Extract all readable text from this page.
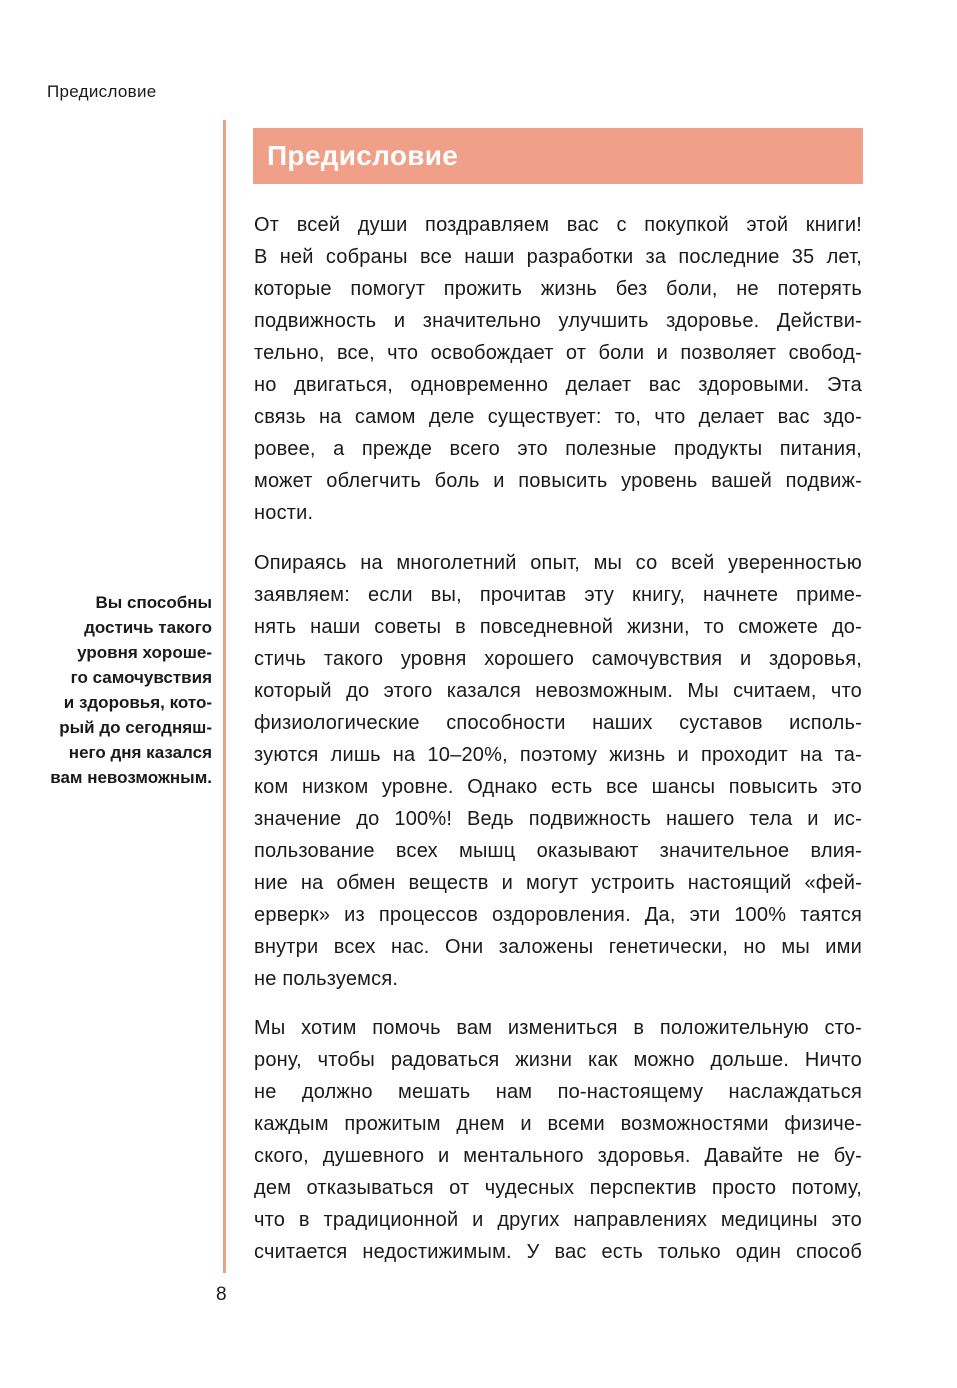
Предисловие
Предисловие
Вы способны
достичь такого
уровня хороше-
го самочувствия
и здоровья, кото-
рый до сегодняш-
него дня казался
вам невозможным.
От всей души поздравляем вас с покупкой этой книги!
В ней собраны все наши разработки за последние 35 лет,
которые помогут прожить жизнь без боли, не потерять
подвижность и значительно улучшить здоровье. Действи-
тельно, все, что освобождает от боли и позволяет свобод-
но двигаться, одновременно делает вас здоровыми. Эта
связь на самом деле существует: то, что делает вас здо-
ровее, а прежде всего это полезные продукты питания,
может облегчить боль и повысить уровень вашей подвиж-
ности.
Опираясь на многолетний опыт, мы со всей уверенностью
заявляем: если вы, прочитав эту книгу, начнете приме-
нять наши советы в повседневной жизни, то сможете до-
стичь такого уровня хорошего самочувствия и здоровья,
который до этого казался невозможным. Мы считаем, что
физиологические способности наших суставов исполь-
зуются лишь на 10–20%, поэтому жизнь и проходит на та-
ком низком уровне. Однако есть все шансы повысить это
значение до 100%! Ведь подвижность нашего тела и ис-
пользование всех мышц оказывают значительное влия-
ние на обмен веществ и могут устроить настоящий «фей-
ерверк» из процессов оздоровления. Да, эти 100% таятся
внутри всех нас. Они заложены генетически, но мы ими
не пользуемся.
Мы хотим помочь вам измениться в положительную сто-
рону, чтобы радоваться жизни как можно дольше. Ничто
не должно мешать нам по-настоящему наслаждаться
каждым прожитым днем и всеми возможностями физиче-
ского, душевного и ментального здоровья. Давайте не бу-
дем отказываться от чудесных перспектив просто потому,
что в традиционной и других направлениях медицины это
считается недостижимым. У вас есть только один способ
8
